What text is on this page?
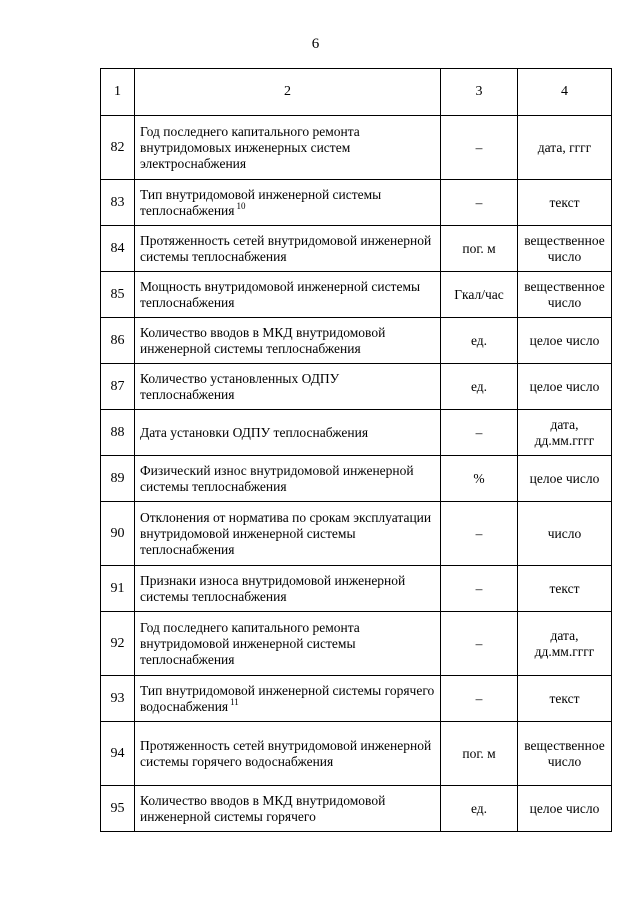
6
1	2	3	4
82	Год последнего капитального ремонта внутридомовых инженерных систем электроснабжения	–	дата, гггг
83	Тип внутридомовой инженерной системы теплоснабжения $^{10}$	–	текст
84	Протяженность сетей внутридомовой инженерной системы теплоснабжения	пог. м	вещественное число
85	Мощность внутридомовой инженерной системы теплоснабжения	Гкал/час	вещественное число
86	Количество вводов в МКД внутридомовой инженерной системы теплоснабжения	ед.	целое число
87	Количество установленных ОДПУ теплоснабжения	ед.	целое число
88	Дата установки ОДПУ теплоснабжения	–	дата, дд.мм.гггг
89	Физический износ внутридомовой инженерной системы теплоснабжения	%	целое число
90	Отклонения от норматива по срокам эксплуатации внутридомовой инженерной системы теплоснабжения	–	число
91	Признаки износа внутридомовой инженерной системы теплоснабжения	–	текст
92	Год последнего капитального ремонта внутридомовой инженерной системы теплоснабжения	–	дата, дд.мм.гггг
93	Тип внутридомовой инженерной системы горячего водоснабжения $^{11}$	–	текст
94	Протяженность сетей внутридомовой инженерной системы горячего водоснабжения	пог. м	вещественное число
95	Количество вводов в МКД внутридомовой инженерной системы горячего	ед.	целое число
